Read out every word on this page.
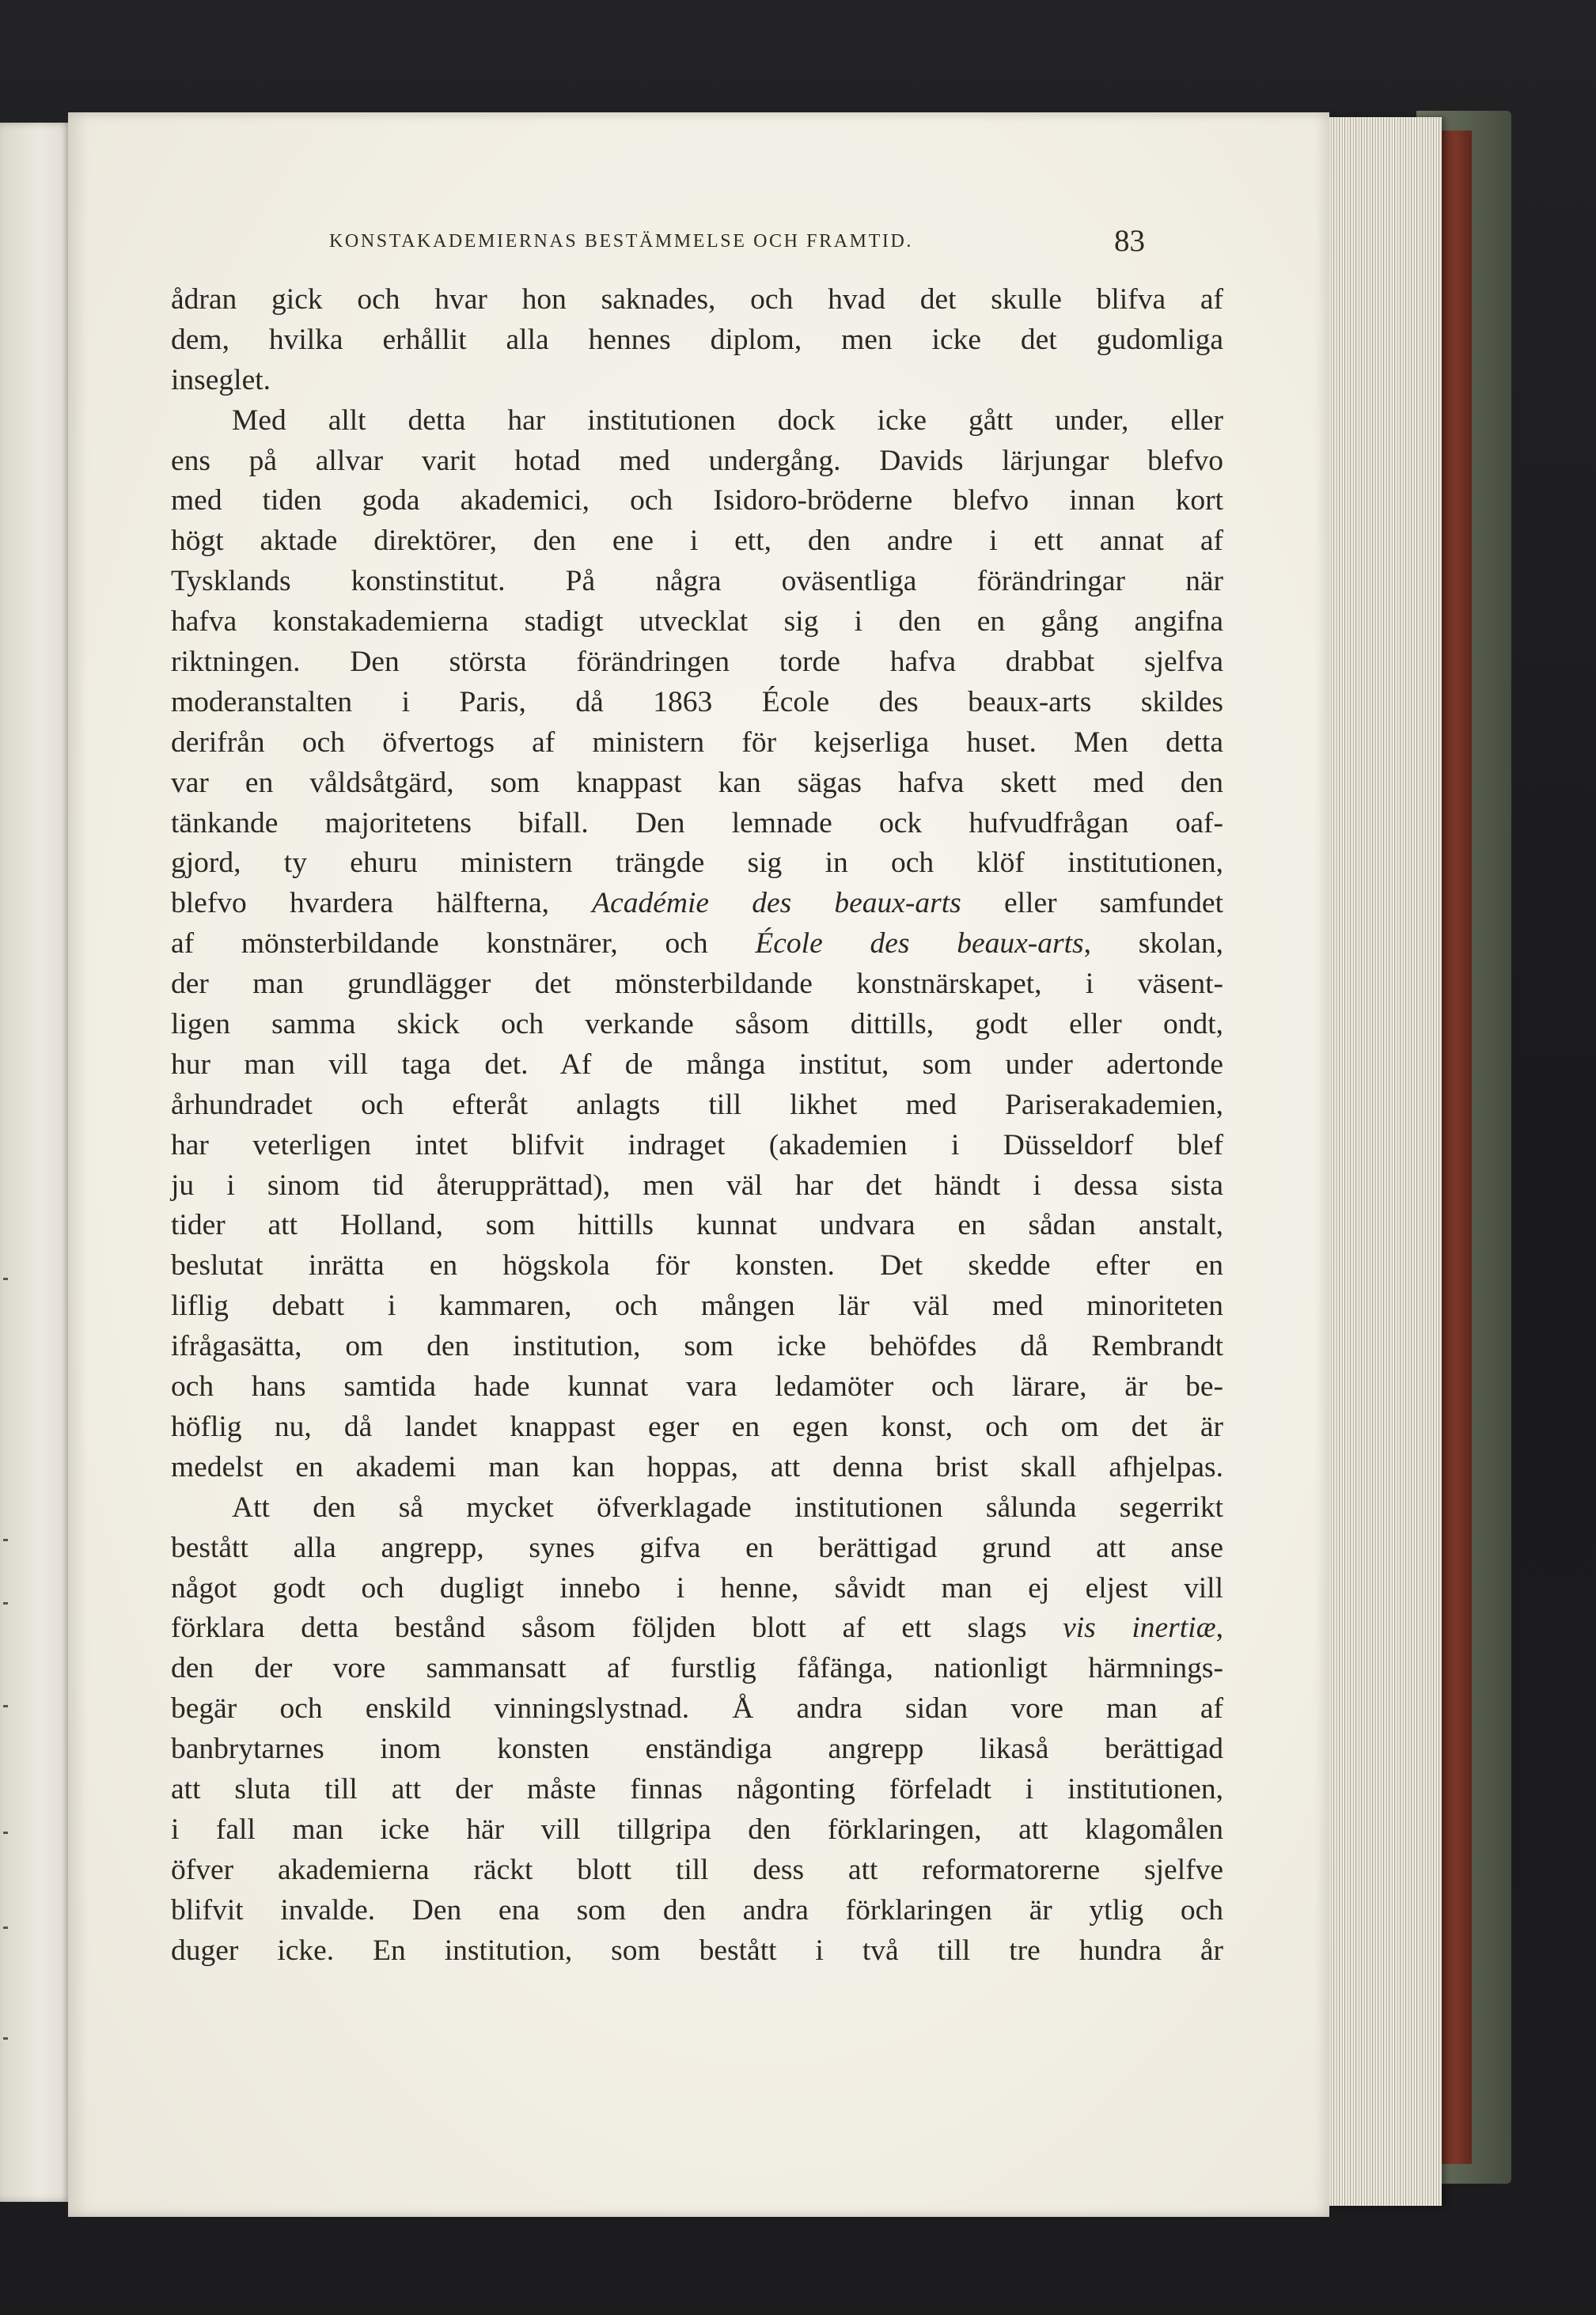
KONSTAKADEMIERNAS BESTÄMMELSE OCH FRAMTID.	83
ådran gick och hvar hon saknades, och hvad det skulle blifva af
dem, hvilka erhållit alla hennes diplom, men icke det gudomliga
inseglet.
Med allt detta har institutionen dock icke gått under, eller
ens på allvar varit hotad med undergång. Davids lärjungar blefvo
med tiden goda akademici, och Isidoro-bröderne blefvo innan kort
högt aktade direktörer, den ene i ett, den andre i ett annat af
Tysklands konstinstitut. På några oväsentliga förändringar när
hafva konstakademierna stadigt utvecklat sig i den en gång angifna
riktningen. Den största förändringen torde hafva drabbat sjelfva
moderanstalten i Paris, då 1863 École des beaux-arts skildes
derifrån och öfvertogs af ministern för kejserliga huset. Men detta
var en våldsåtgärd, som knappast kan sägas hafva skett med den
tänkande majoritetens bifall. Den lemnade ock hufvudfrågan oaf-
gjord, ty ehuru ministern trängde sig in och klöf institutionen,
blefvo hvardera hälfterna, Académie des beaux-arts eller samfundet
af mönsterbildande konstnärer, och École des beaux-arts, skolan,
der man grundlägger det mönsterbildande konstnärskapet, i väsent-
ligen samma skick och verkande såsom dittills, godt eller ondt,
hur man vill taga det. Af de många institut, som under adertonde
århundradet och efteråt anlagts till likhet med Pariserakademien,
har veterligen intet blifvit indraget (akademien i Düsseldorf blef
ju i sinom tid återupprättad), men väl har det händt i dessa sista
tider att Holland, som hittills kunnat undvara en sådan anstalt,
beslutat inrätta en högskola för konsten. Det skedde efter en
liflig debatt i kammaren, och mången lär väl med minoriteten
ifrågasätta, om den institution, som icke behöfdes då Rembrandt
och hans samtida hade kunnat vara ledamöter och lärare, är be-
höflig nu, då landet knappast eger en egen konst, och om det är
medelst en akademi man kan hoppas, att denna brist skall afhjelpas.
Att den så mycket öfverklagade institutionen sålunda segerrikt
bestått alla angrepp, synes gifva en berättigad grund att anse
något godt och dugligt innebo i henne, såvidt man ej eljest vill
förklara detta bestånd såsom följden blott af ett slags vis inertiæ,
den der vore sammansatt af furstlig fåfänga, nationligt härmnings-
begär och enskild vinningslystnad. Å andra sidan vore man af
banbrytarnes inom konsten enständiga angrepp likaså berättigad
att sluta till att der måste finnas någonting förfeladt i institutionen,
i fall man icke här vill tillgripa den förklaringen, att klagomålen
öfver akademierna räckt blott till dess att reformatorerne sjelfve
blifvit invalde. Den ena som den andra förklaringen är ytlig och
duger icke. En institution, som bestått i två till tre hundra år
